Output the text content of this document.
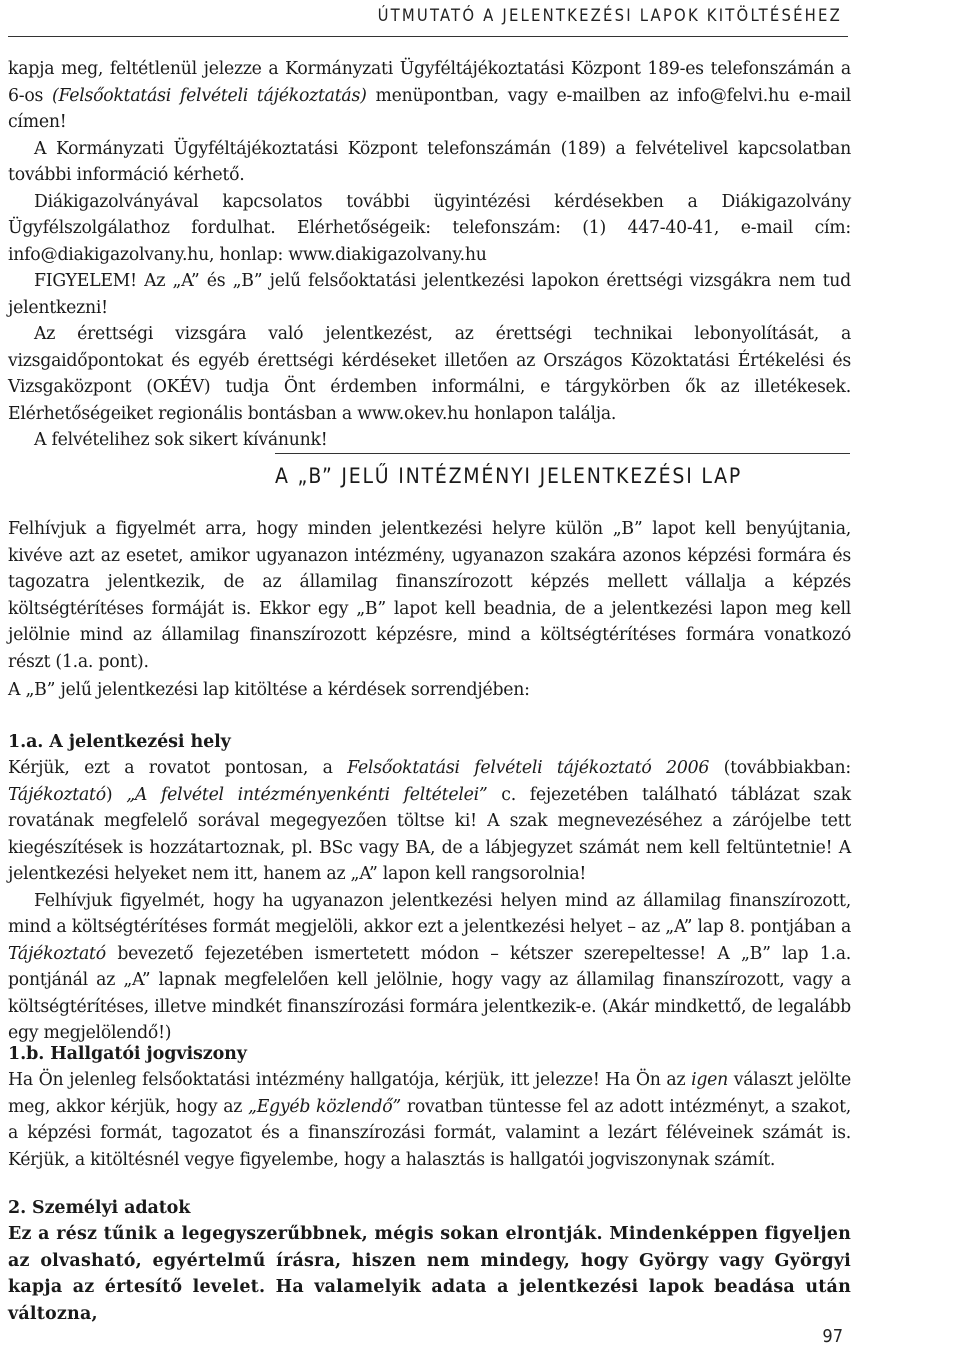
ÚTMUTATÓ A JELENTKEZÉSI LAPOK KITÖLTÉSÉHEZ

kapja meg, feltétlenül jelezze a Kormányzati Ügyféltájékoztatási Központ 189-es telefonszámán a 6-os (Felsőoktatási felvételi tájékoztatás) menüpontban, vagy e-mailben az info@felvi.hu e-mail címen!

A Kormányzati Ügyféltájékoztatási Központ telefonszámán (189) a felvételivel kapcsolatban további információ kérhető.

Diákigazolványával kapcsolatos további ügyintézési kérdésekben a Diákigazolvány Ügyfélszolgálathoz fordulhat. Elérhetőségeik: telefonszám: (1) 447-40-41, e-mail cím: info@diakigazolvany.hu, honlap: www.diakigazolvany.hu

FIGYELEM! Az „A” és „B” jelű felsőoktatási jelentkezési lapokon érettségi vizsgákra nem tud jelentkezni!

Az érettségi vizsgára való jelentkezést, az érettségi technikai lebonyolítását, a vizsgaidőpontokat és egyéb érettségi kérdéseket illetően az Országos Közoktatási Értékelési és Vizsgaközpont (OKÉV) tudja Önt érdemben informálni, e tárgykörben ők az illetékesek. Elérhetőségeiket regionális bontásban a www.okev.hu honlapon találja.

A felvételihez sok sikert kívánunk!

A „B” JELŰ INTÉZMÉNYI JELENTKEZÉSI LAP

Felhívjuk a figyelmét arra, hogy minden jelentkezési helyre külön „B” lapot kell benyújtania, kivéve azt az esetet, amikor ugyanazon intézmény, ugyanazon szakára azonos képzési formára és tagozatra jelentkezik, de az államilag finanszírozott képzés mellett vállalja a képzés költségtérítéses formáját is. Ekkor egy „B” lapot kell beadnia, de a jelentkezési lapon meg kell jelölnie mind az államilag finanszírozott képzésre, mind a költségtérítéses formára vonatkozó részt (1.a. pont).

A „B” jelű jelentkezési lap kitöltése a kérdések sorrendjében:

1.a. A jelentkezési hely

Kérjük, ezt a rovatot pontosan, a Felsőoktatási felvételi tájékoztató 2006 (továbbiakban: Tájékoztató) „A felvétel intézményenkénti feltételei” c. fejezetében található táblázat szak rovatának megfelelő sorával megegyezően töltse ki! A szak megnevezéséhez a zárójelbe tett kiegészítések is hozzátartoznak, pl. BSc vagy BA, de a lábjegyzet számát nem kell feltüntetnie! A jelentkezési helyeket nem itt, hanem az „A” lapon kell rangsorolnia!

Felhívjuk figyelmét, hogy ha ugyanazon jelentkezési helyen mind az államilag finanszírozott, mind a költségtérítéses formát megjelöli, akkor ezt a jelentkezési helyet – az „A” lap 8. pontjában a Tájékoztató bevezető fejezetében ismertetett módon – kétszer szerepeltesse! A „B” lap 1.a. pontjánál az „A” lapnak megfelelően kell jelölnie, hogy vagy az államilag finanszírozott, vagy a költségtérítéses, illetve mindkét finanszírozási formára jelentkezik-e. (Akár mindkettő, de legalább egy megjelölendő!)

1.b. Hallgatói jogviszony

Ha Ön jelenleg felsőoktatási intézmény hallgatója, kérjük, itt jelezze! Ha Ön az igen választ jelölte meg, akkor kérjük, hogy az „Egyéb közlendő” rovatban tüntesse fel az adott intézményt, a szakot, a képzési formát, tagozatot és a finanszírozási formát, valamint a lezárt féléveinek számát is. Kérjük, a kitöltésnél vegye figyelembe, hogy a halasztás is hallgatói jogviszonynak számít.

2. Személyi adatok

Ez a rész tűnik a legegyszerűbbnek, mégis sokan elrontják. Mindenképpen figyeljen az olvasható, egyértelmű írásra, hiszen nem mindegy, hogy György vagy Györgyi kapja az értesítő levelet. Ha valamelyik adata a jelentkezési lapok beadása után változna,

97
